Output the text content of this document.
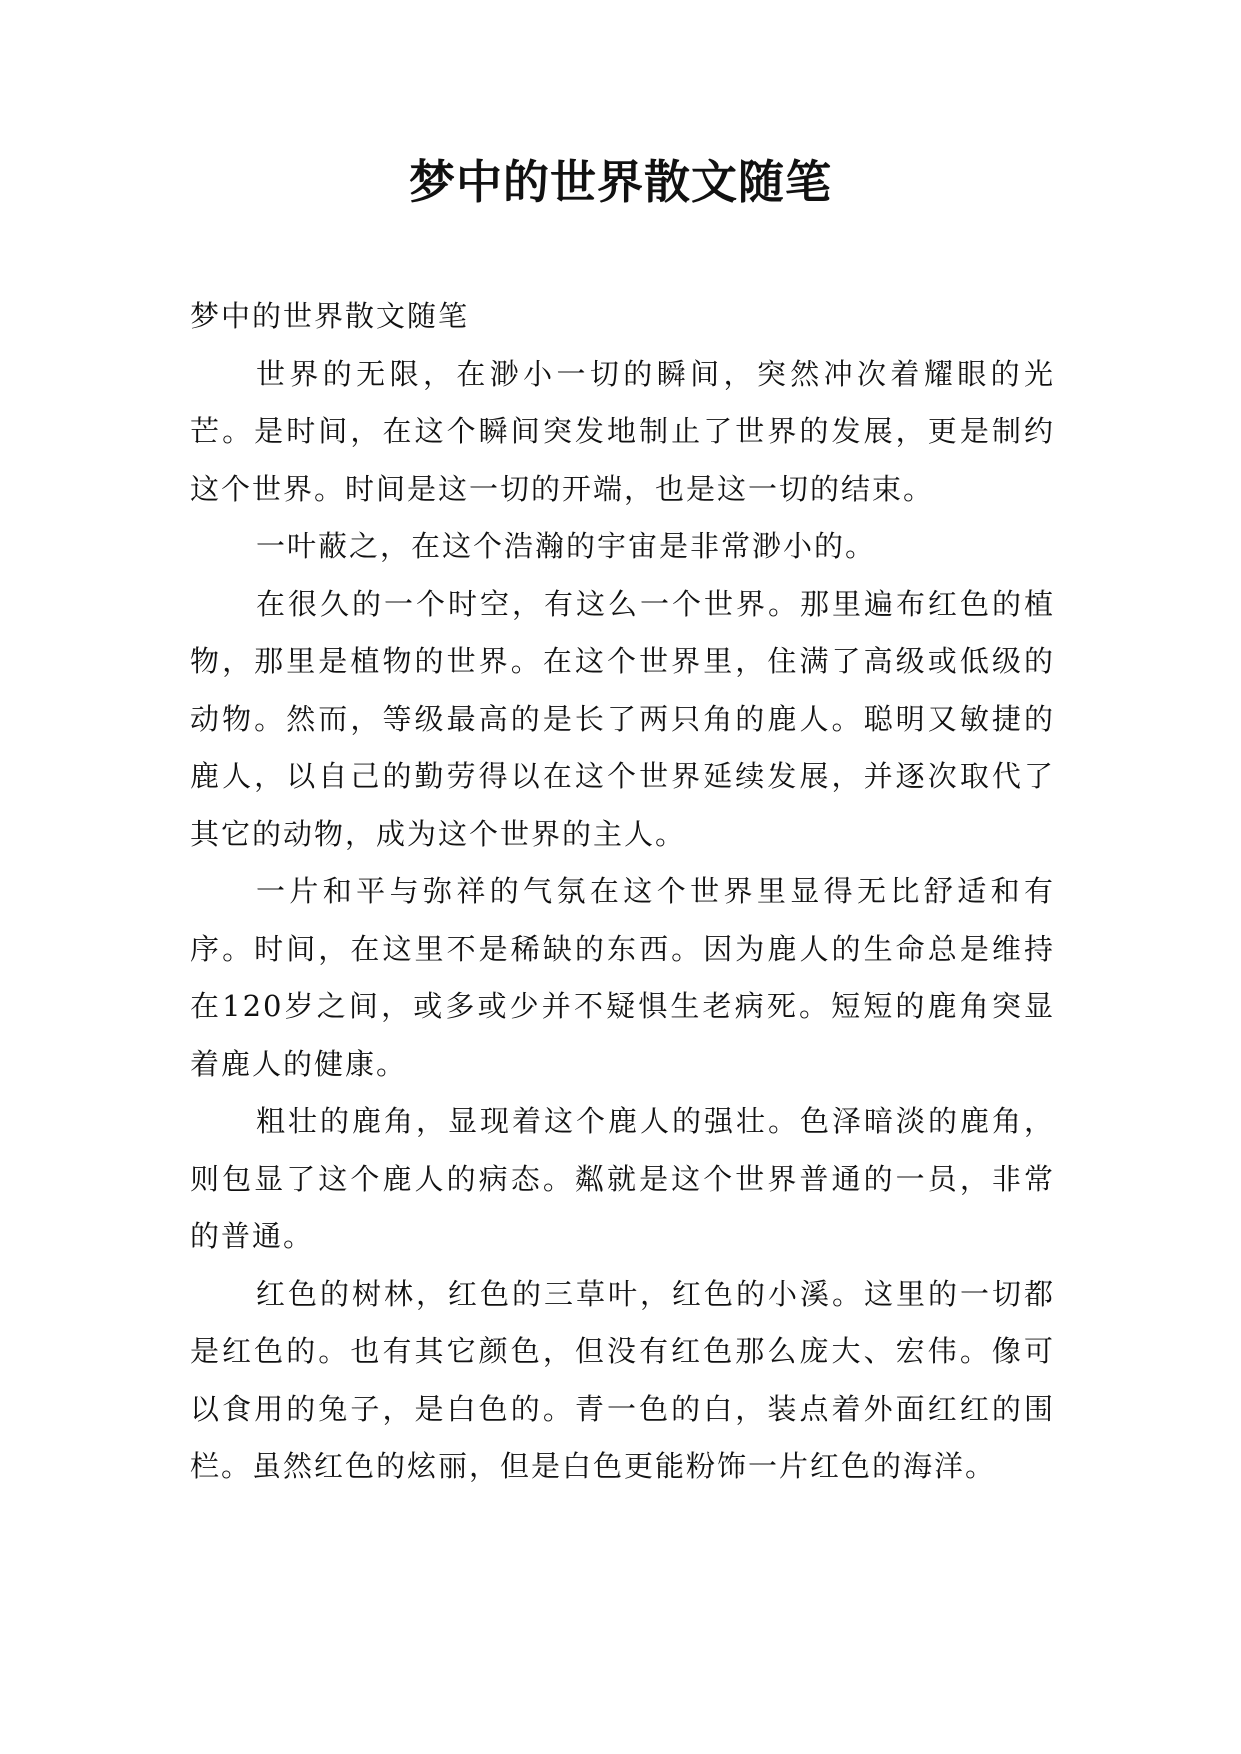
梦中的世界散文随笔

梦中的世界散文随笔

世界的无限，在渺小一切的瞬间，突然冲次着耀眼的光芒。是时间，在这个瞬间突发地制止了世界的发展，更是制约这个世界。时间是这一切的开端，也是这一切的结束。

一叶蔽之，在这个浩瀚的宇宙是非常渺小的。

在很久的一个时空，有这么一个世界。那里遍布红色的植物，那里是植物的世界。在这个世界里，住满了高级或低级的动物。然而，等级最高的是长了两只角的鹿人。聪明又敏捷的鹿人，以自己的勤劳得以在这个世界延续发展，并逐次取代了其它的动物，成为这个世界的主人。

一片和平与弥祥的气氛在这个世界里显得无比舒适和有序。时间，在这里不是稀缺的东西。因为鹿人的生命总是维持在120岁之间，或多或少并不疑惧生老病死。短短的鹿角突显着鹿人的健康。

粗壮的鹿角，显现着这个鹿人的强壮。色泽暗淡的鹿角，则包显了这个鹿人的病态。粼就是这个世界普通的一员，非常的普通。

红色的树林，红色的三草叶，红色的小溪。这里的一切都是红色的。也有其它颜色，但没有红色那么庞大、宏伟。像可以食用的兔子，是白色的。青一色的白，装点着外面红红的围栏。虽然红色的炫丽，但是白色更能粉饰一片红色的海洋。
